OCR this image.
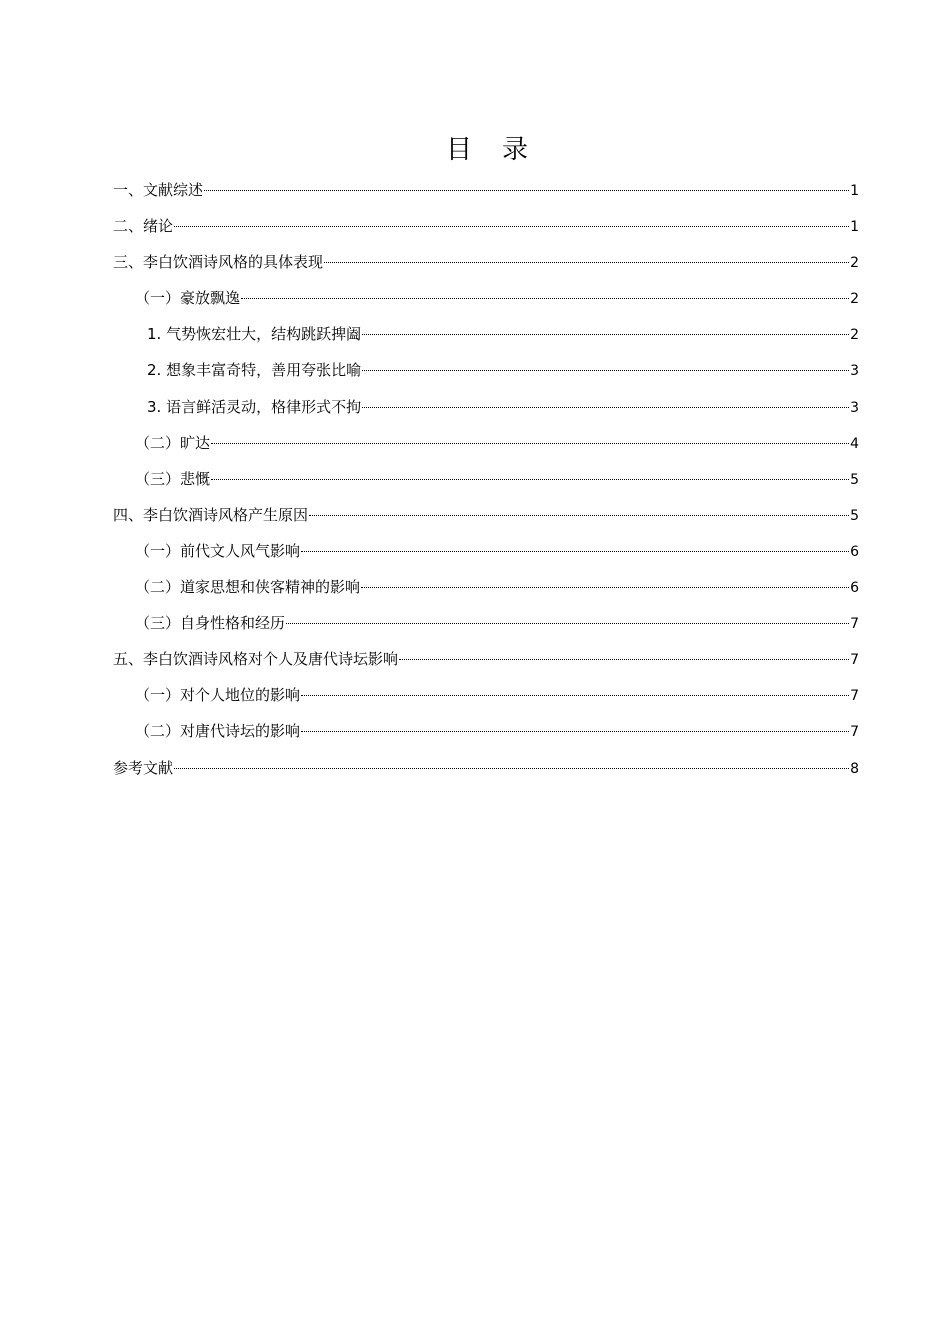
目 录
一、文献综述	1
二、绪论	1
三、李白饮酒诗风格的具体表现	2
（一）豪放飘逸	2
1. 气势恢宏壮大，结构跳跃捭阖	2
2. 想象丰富奇特，善用夸张比喻	3
3. 语言鲜活灵动，格律形式不拘	3
（二）旷达	4
（三）悲慨	5
四、李白饮酒诗风格产生原因	5
（一）前代文人风气影响	6
（二）道家思想和侠客精神的影响	6
（三）自身性格和经历	7
五、李白饮酒诗风格对个人及唐代诗坛影响	7
（一）对个人地位的影响	7
（二）对唐代诗坛的影响	7
参考文献	8
